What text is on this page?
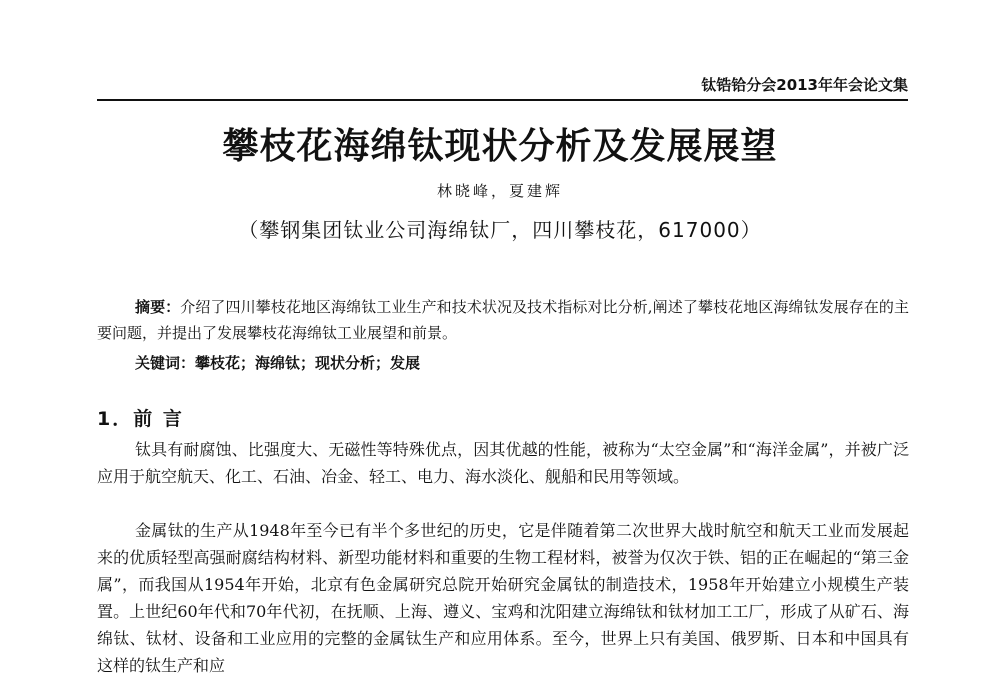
钛锆铪分会2013年年会论文集
攀枝花海绵钛现状分析及发展展望
林晓峰，夏建辉
（攀钢集团钛业公司海绵钛厂，四川攀枝花，617000）
摘要：介绍了四川攀枝花地区海绵钛工业生产和技术状况及技术指标对比分析,阐述了攀枝花地区海绵钛发展存在的主要问题，并提出了发展攀枝花海绵钛工业展望和前景。
关键词：攀枝花；海绵钛；现状分析；发展
1．前 言

钛具有耐腐蚀、比强度大、无磁性等特殊优点，因其优越的性能，被称为“太空金属”和“海洋金属”，并被广泛应用于航空航天、化工、石油、冶金、轻工、电力、海水淡化、舰船和民用等领域。

金属钛的生产从1948年至今已有半个多世纪的历史，它是伴随着第二次世界大战时航空和航天工业而发展起来的优质轻型高强耐腐结构材料、新型功能材料和重要的生物工程材料，被誉为仅次于铁、铝的正在崛起的“第三金属”，而我国从1954年开始，北京有色金属研究总院开始研究金属钛的制造技术，1958年开始建立小规模生产装置。上世纪60年代和70年代初，在抚顺、上海、遵义、宝鸡和沈阳建立海绵钛和钛材加工工厂，形成了从矿石、海绵钛、钛材、设备和工业应用的完整的金属钛生产和应用体系。至今，世界上只有美国、俄罗斯、日本和中国具有这样的钛生产和应
